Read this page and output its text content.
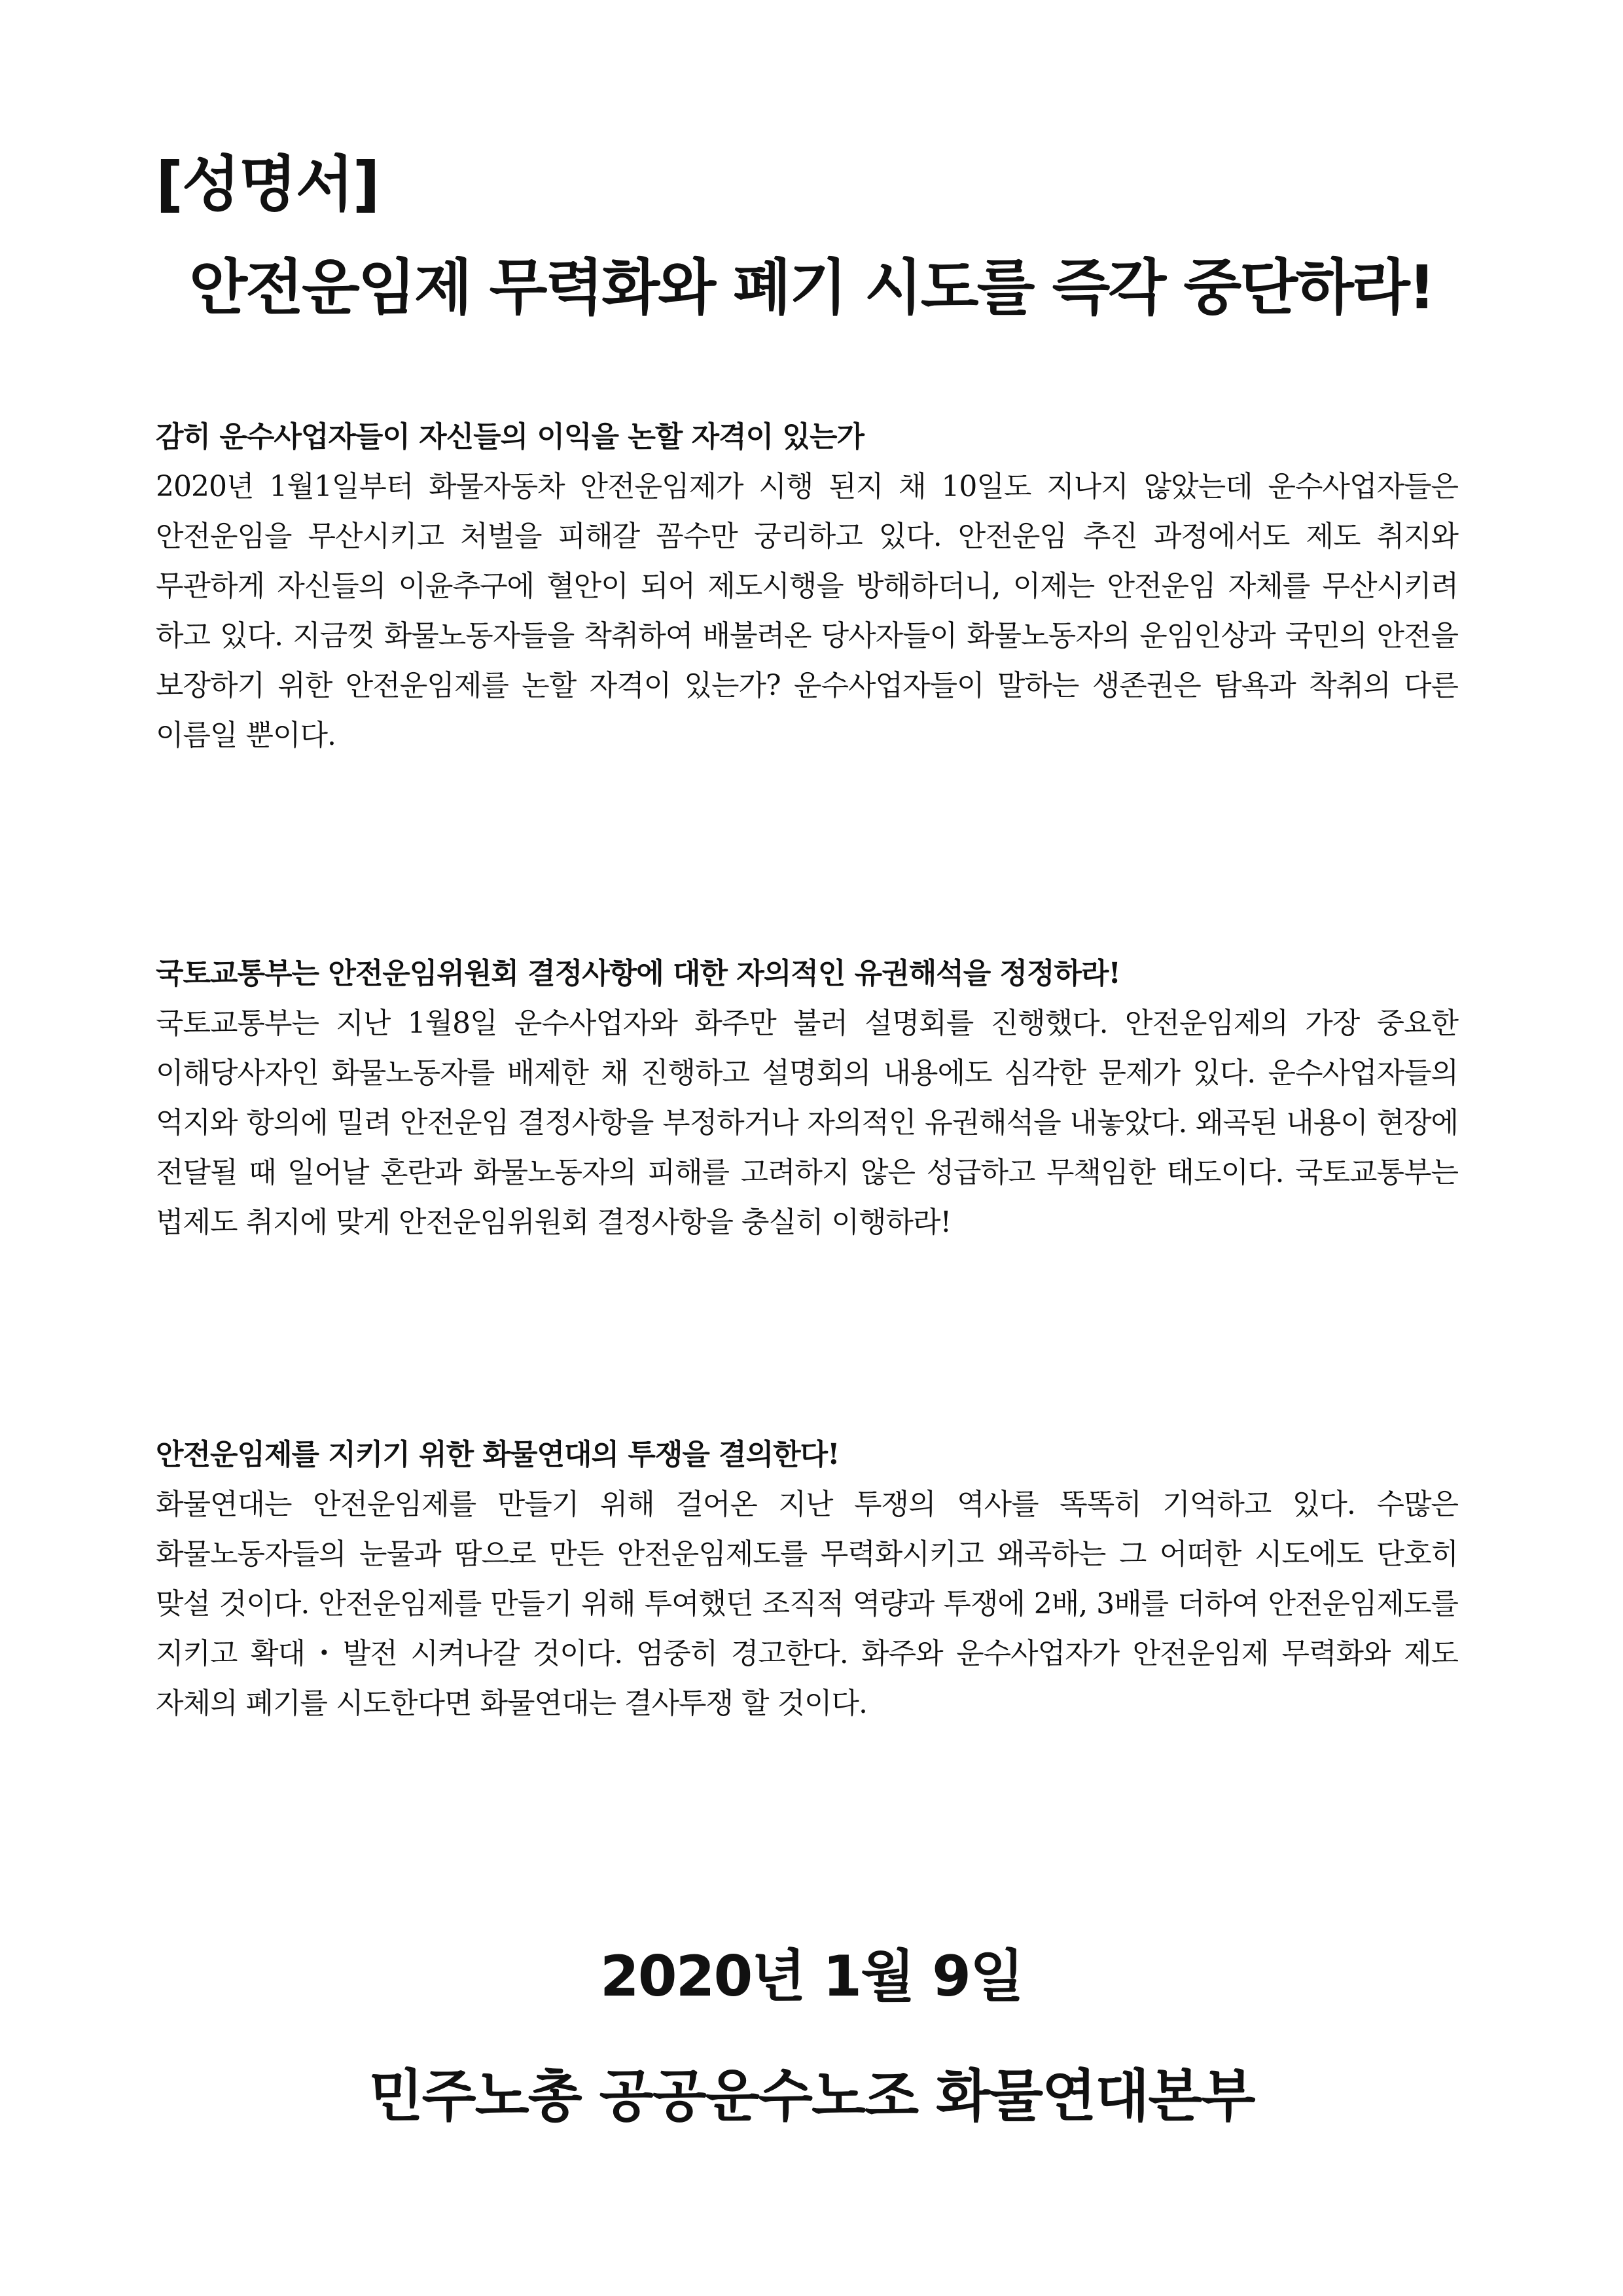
[성명서]
안전운임제 무력화와 폐기 시도를 즉각 중단하라!
감히 운수사업자들이 자신들의 이익을 논할 자격이 있는가

2020년 1월1일부터 화물자동차 안전운임제가 시행 된지 채 10일도 지나지 않았는데 운수사업자들은 안전운임을 무산시키고 처벌을 피해갈 꼼수만 궁리하고 있다. 안전운임 추진 과정에서도 제도 취지와 무관하게 자신들의 이윤추구에 혈안이 되어 제도시행을 방해하더니, 이제는 안전운임 자체를 무산시키려 하고 있다. 지금껏 화물노동자들을 착취하여 배불려온 당사자들이 화물노동자의 운임인상과 국민의 안전을 보장하기 위한 안전운임제를 논할 자격이 있는가? 운수사업자들이 말하는 생존권은 탐욕과 착취의 다른 이름일 뿐이다.

국토교통부는 안전운임위원회 결정사항에 대한 자의적인 유권해석을 정정하라!

국토교통부는 지난 1월8일 운수사업자와 화주만 불러 설명회를 진행했다. 안전운임제의 가장 중요한 이해당사자인 화물노동자를 배제한 채 진행하고 설명회의 내용에도 심각한 문제가 있다. 운수사업자들의 억지와 항의에 밀려 안전운임 결정사항을 부정하거나 자의적인 유권해석을 내놓았다. 왜곡된 내용이 현장에 전달될 때 일어날 혼란과 화물노동자의 피해를 고려하지 않은 성급하고 무책임한 태도이다. 국토교통부는 법제도 취지에 맞게 안전운임위원회 결정사항을 충실히 이행하라!

안전운임제를 지키기 위한 화물연대의 투쟁을 결의한다!

화물연대는 안전운임제를 만들기 위해 걸어온 지난 투쟁의 역사를 똑똑히 기억하고 있다. 수많은 화물노동자들의 눈물과 땀으로 만든 안전운임제도를 무력화시키고 왜곡하는 그 어떠한 시도에도 단호히 맞설 것이다. 안전운임제를 만들기 위해 투여했던 조직적 역량과 투쟁에 2배, 3배를 더하여 안전운임제도를 지키고 확대・발전 시켜나갈 것이다. 엄중히 경고한다. 화주와 운수사업자가 안전운임제 무력화와 제도 자체의 폐기를 시도한다면 화물연대는 결사투쟁 할 것이다.

2020년 1월 9일
민주노총 공공운수노조 화물연대본부
